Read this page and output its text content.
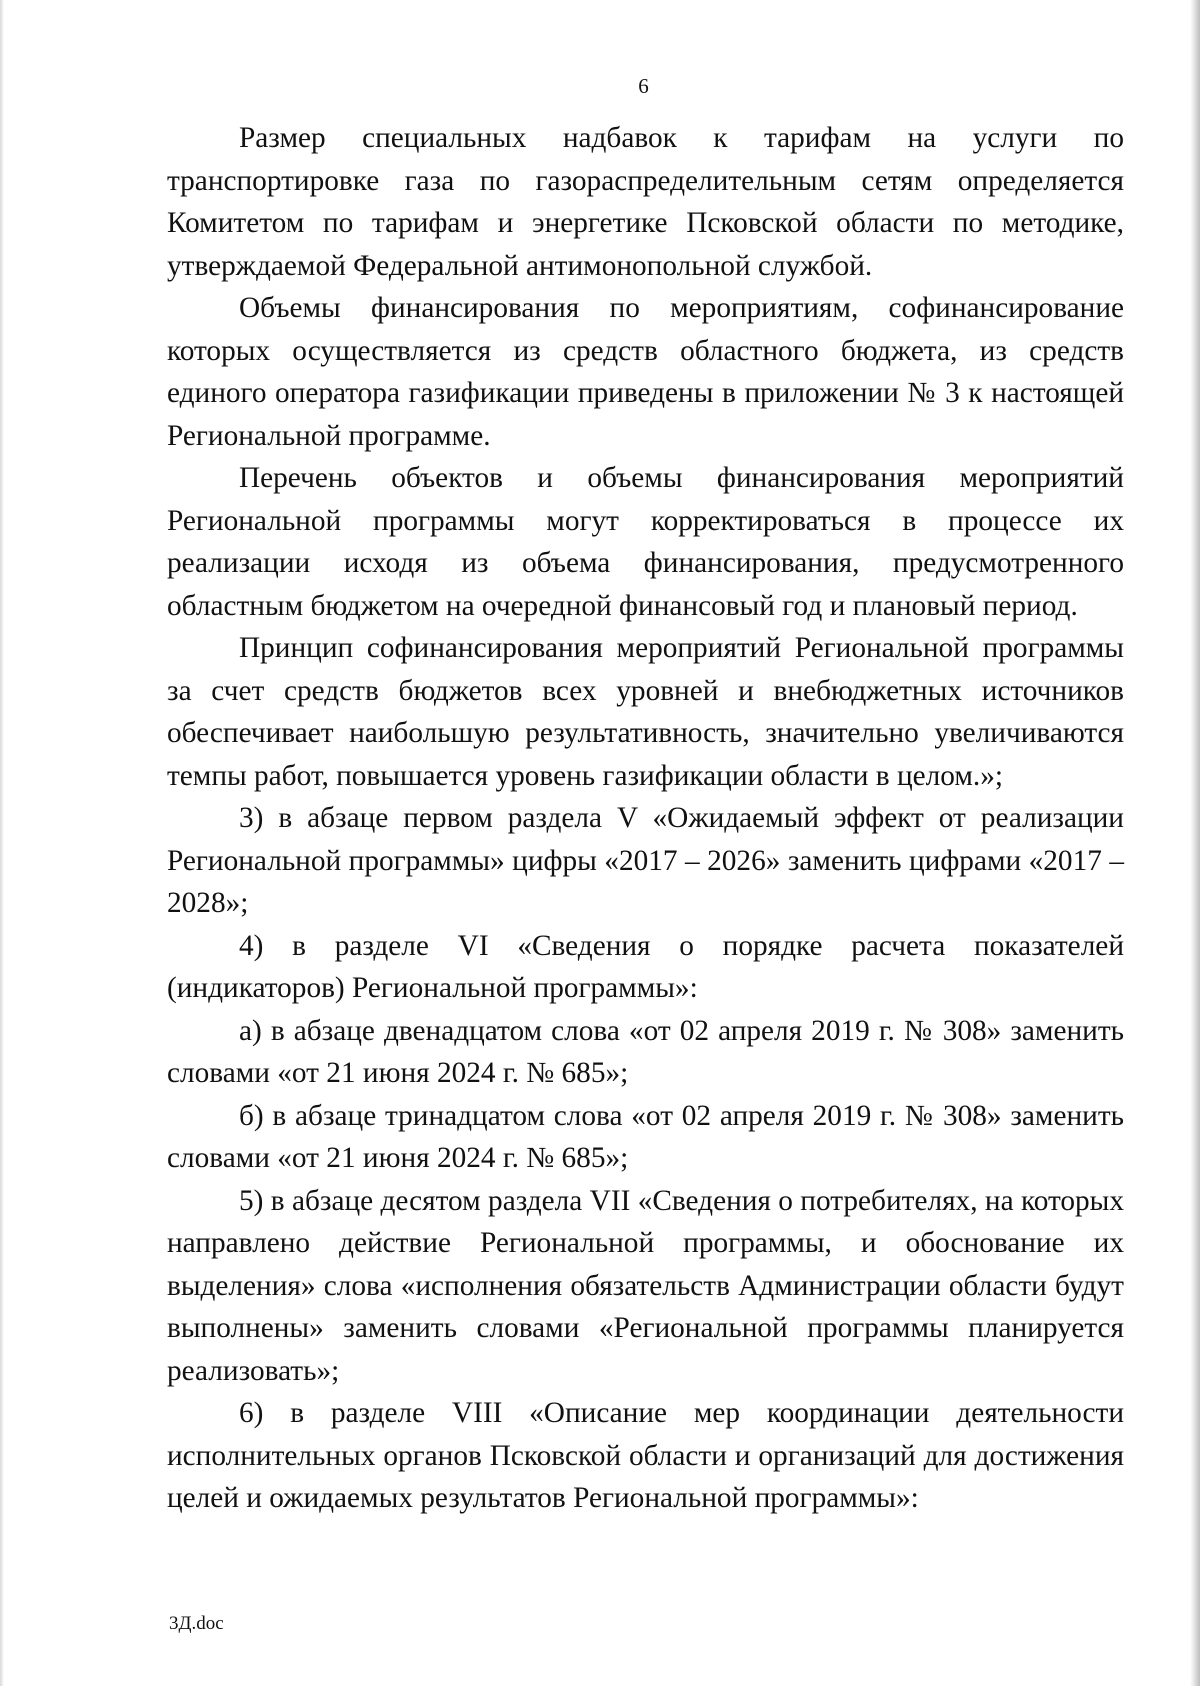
6

Размер специальных надбавок к тарифам на услуги по транспортировке газа по газораспределительным сетям определяется Комитетом по тарифам и энергетике Псковской области по методике, утверждаемой Федеральной антимонопольной службой.

Объемы финансирования по мероприятиям, софинансирование которых осуществляется из средств областного бюджета, из средств единого оператора газификации приведены в приложении № 3 к настоящей Региональной программе.

Перечень объектов и объемы финансирования мероприятий Региональной программы могут корректироваться в процессе их реализации исходя из объема финансирования, предусмотренного областным бюджетом на очередной финансовый год и плановый период.

Принцип софинансирования мероприятий Региональной программы за счет средств бюджетов всех уровней и внебюджетных источников обеспечивает наибольшую результативность, значительно увеличиваются темпы работ, повышается уровень газификации области в целом.»;

3) в абзаце первом раздела V «Ожидаемый эффект от реализации Региональной программы» цифры «2017 – 2026» заменить цифрами «2017 – 2028»;

4) в разделе VI «Сведения о порядке расчета показателей (индикаторов) Региональной программы»:

а) в абзаце двенадцатом слова «от 02 апреля 2019 г. № 308» заменить словами «от 21 июня 2024 г. № 685»;

б) в абзаце тринадцатом слова «от 02 апреля 2019 г. № 308» заменить словами «от 21 июня 2024 г. № 685»;

5) в абзаце десятом раздела VII «Сведения о потребителях, на которых направлено действие Региональной программы, и обоснование их выделения» слова «исполнения обязательств Администрации области будут выполнены» заменить словами «Региональной программы планируется реализовать»;

6) в разделе VIII «Описание мер координации деятельности исполнительных органов Псковской области и организаций для достижения целей и ожидаемых результатов Региональной программы»:

3Д.doc
